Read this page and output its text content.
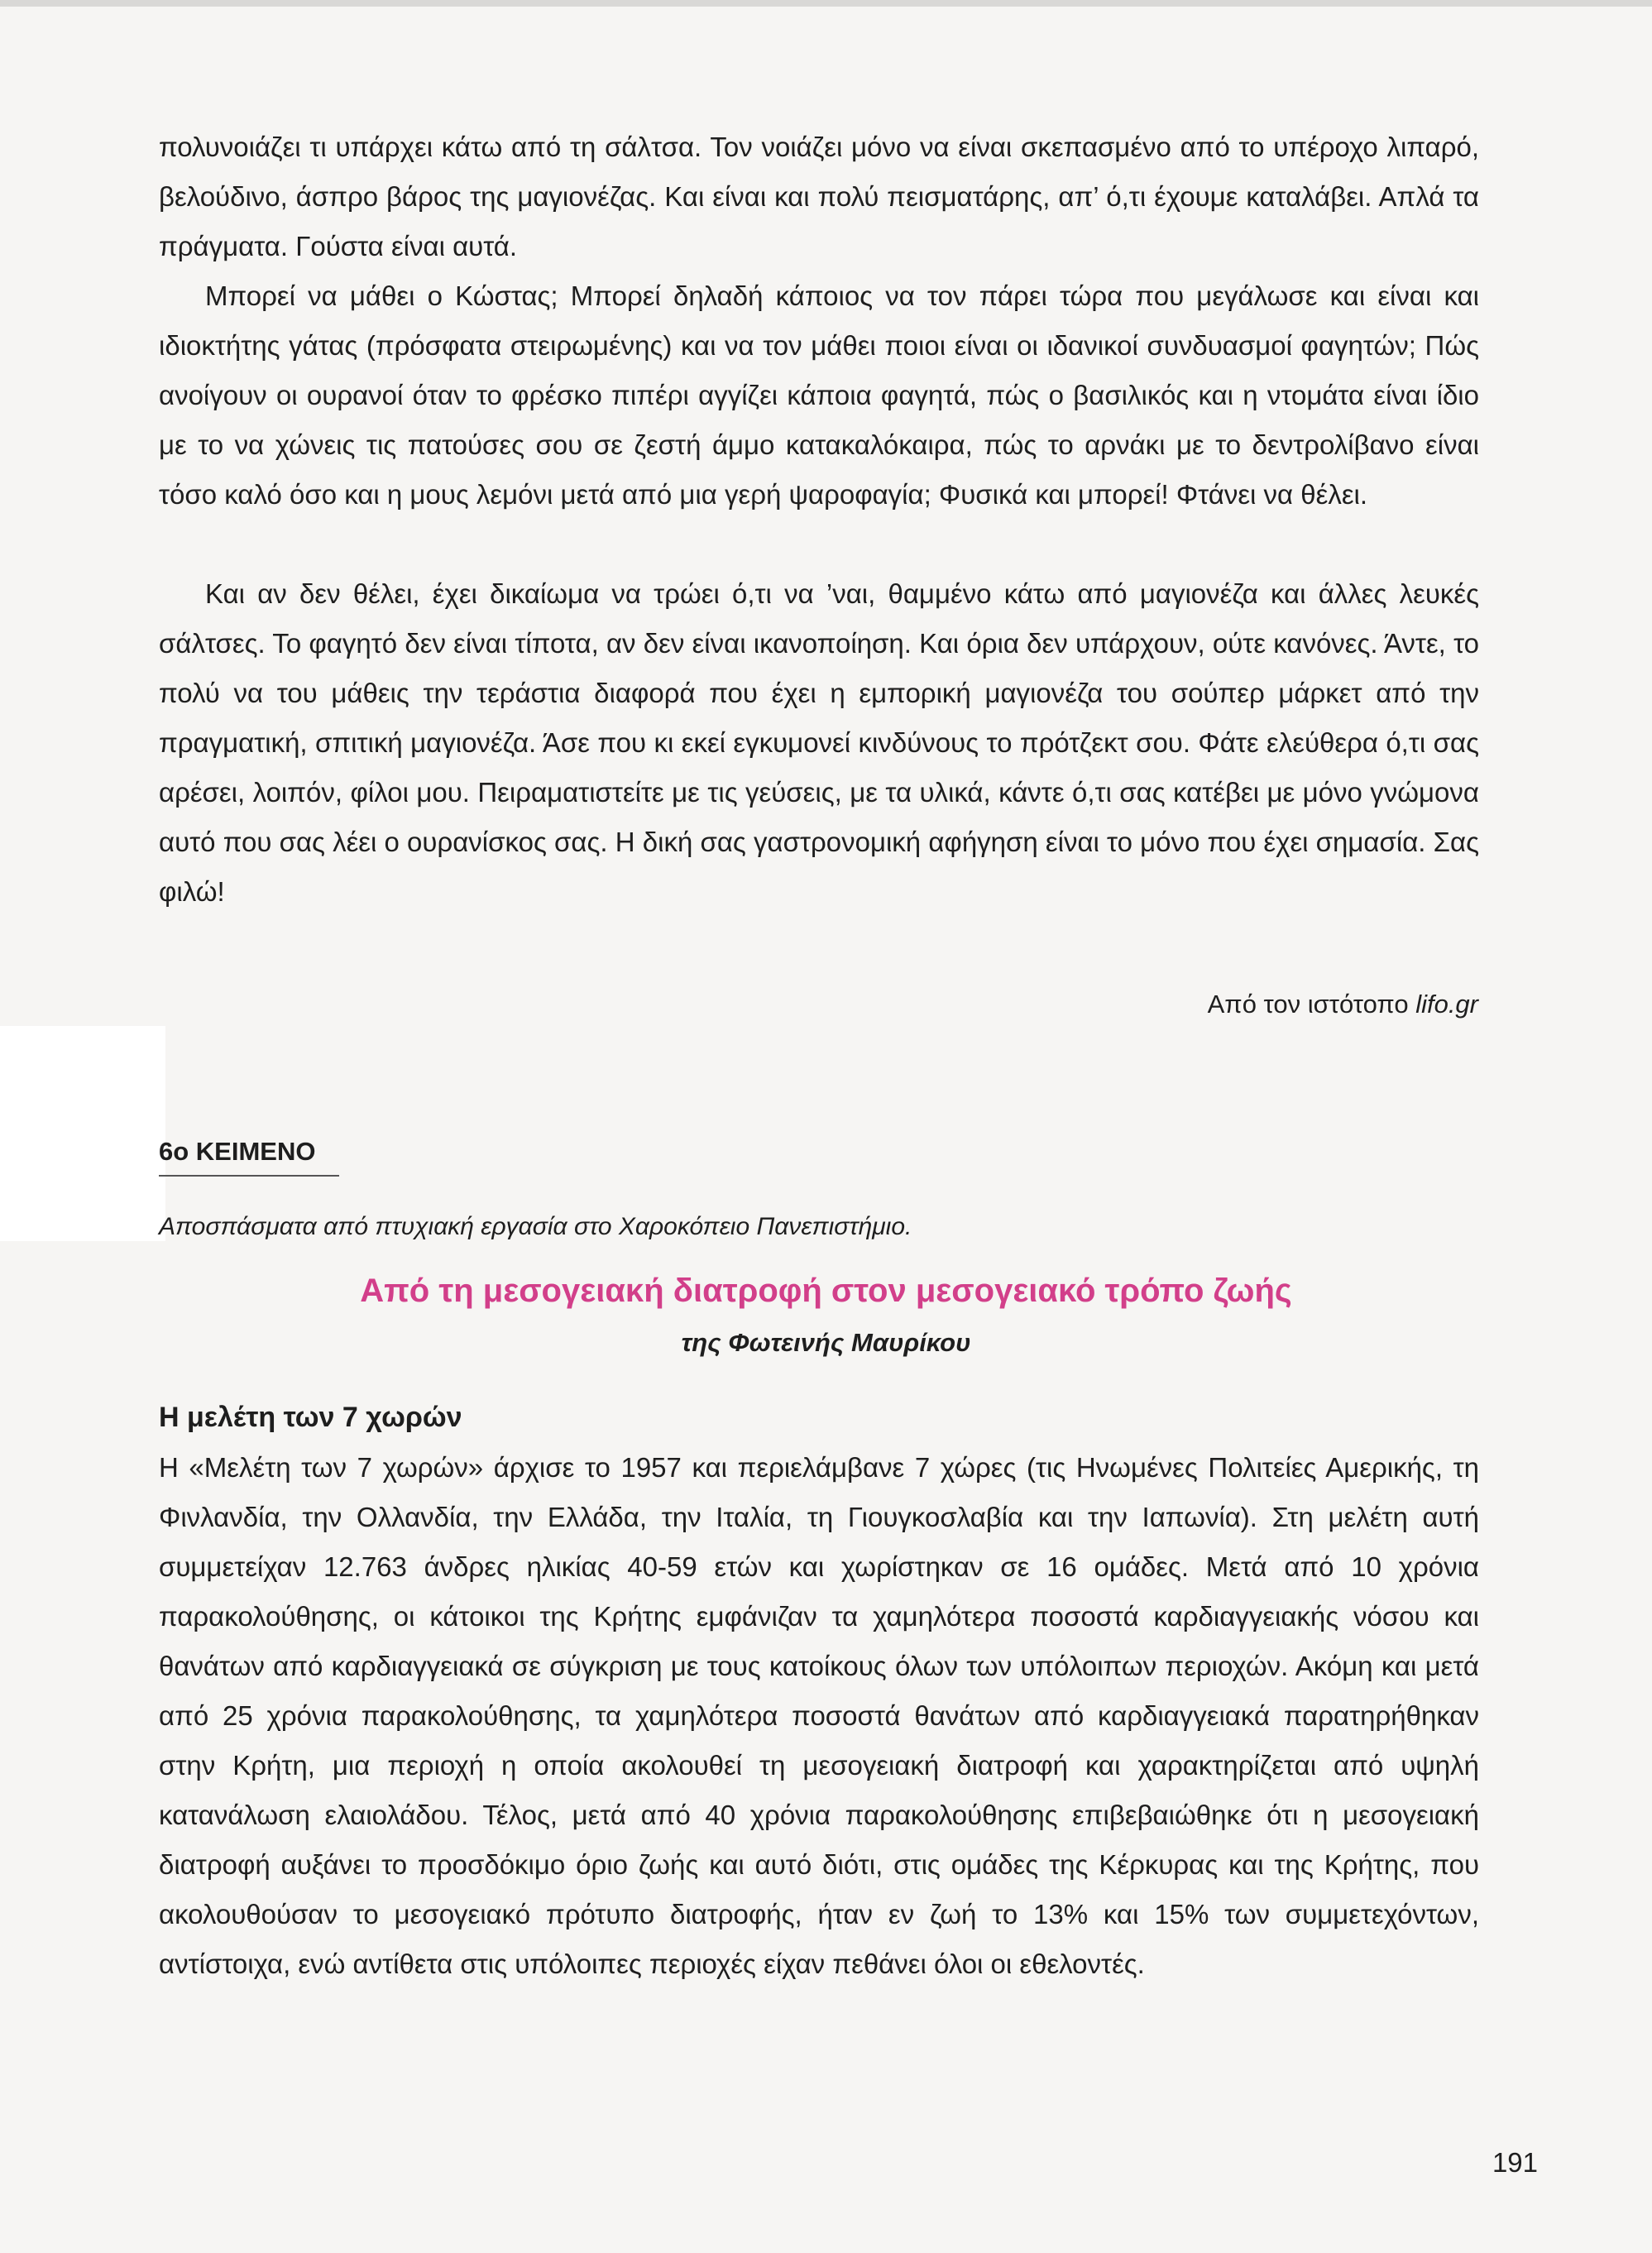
πολυνοιάζει τι υπάρχει κάτω από τη σάλτσα. Τον νοιάζει μόνο να είναι σκεπασμένο από το υπέροχο λιπαρό, βελούδινο, άσπρο βάρος της μαγιονέζας. Και είναι και πολύ πεισματάρης, απ’ ό,τι έχουμε καταλάβει. Απλά τα πράγματα. Γούστα είναι αυτά.

Μπορεί να μάθει ο Κώστας; Μπορεί δηλαδή κάποιος να τον πάρει τώρα που μεγάλωσε και είναι και ιδιοκτήτης γάτας (πρόσφατα στειρωμένης) και να τον μάθει ποιοι είναι οι ιδανικοί συνδυασμοί φαγητών; Πώς ανοίγουν οι ουρανοί όταν το φρέσκο πιπέρι αγγίζει κάποια φαγητά, πώς ο βασιλικός και η ντομάτα είναι ίδιο με το να χώνεις τις πατούσες σου σε ζεστή άμμο κατακαλόκαιρα, πώς το αρνάκι με το δεντρολίβανο είναι τόσο καλό όσο και η μους λεμόνι μετά από μια γερή ψαροφαγία; Φυσικά και μπορεί! Φτάνει να θέλει.

Και αν δεν θέλει, έχει δικαίωμα να τρώει ό,τι να ’ναι, θαμμένο κάτω από μαγιονέζα και άλλες λευκές σάλτσες. Το φαγητό δεν είναι τίποτα, αν δεν είναι ικανοποίηση. Και όρια δεν υπάρχουν, ούτε κανόνες. Άντε, το πολύ να του μάθεις την τεράστια διαφορά που έχει η εμπορική μαγιονέζα του σούπερ μάρκετ από την πραγματική, σπιτική μαγιονέζα. Άσε που κι εκεί εγκυμονεί κινδύνους το πρότζεκτ σου. Φάτε ελεύθερα ό,τι σας αρέσει, λοιπόν, φίλοι μου. Πειραματιστείτε με τις γεύσεις, με τα υλικά, κάντε ό,τι σας κατέβει με μόνο γνώμονα αυτό που σας λέει ο ουρανίσκος σας. Η δική σας γαστρονομική αφήγηση είναι το μόνο που έχει σημασία. Σας φιλώ!

Από τον ιστότοπο lifo.gr

6ο ΚΕΙΜΕΝΟ

Αποσπάσματα από πτυχιακή εργασία στο Χαροκόπειο Πανεπιστήμιο.

Από τη μεσογειακή διατροφή στον μεσογειακό τρόπο ζωής

της Φωτεινής Μαυρίκου

Η μελέτη των 7 χωρών

Η «Μελέτη των 7 χωρών» άρχισε το 1957 και περιελάμβανε 7 χώρες (τις Ηνωμένες Πολιτείες Αμερικής, τη Φινλανδία, την Ολλανδία, την Ελλάδα, την Ιταλία, τη Γιουγκοσλαβία και την Ιαπωνία). Στη μελέτη αυτή συμμετείχαν 12.763 άνδρες ηλικίας 40-59 ετών και χωρίστηκαν σε 16 ομάδες. Μετά από 10 χρόνια παρακολούθησης, οι κάτοικοι της Κρήτης εμφάνιζαν τα χαμηλότερα ποσοστά καρδιαγγειακής νόσου και θανάτων από καρδιαγγειακά σε σύγκριση με τους κατοίκους όλων των υπόλοιπων περιοχών. Ακόμη και μετά από 25 χρόνια παρακολούθησης, τα χαμηλότερα ποσοστά θανάτων από καρδιαγγειακά παρατηρήθηκαν στην Κρήτη, μια περιοχή η οποία ακολουθεί τη μεσογειακή διατροφή και χαρακτηρίζεται από υψηλή κατανάλωση ελαιολάδου. Τέλος, μετά από 40 χρόνια παρακολούθησης επιβεβαιώθηκε ότι η μεσογειακή διατροφή αυξάνει το προσδόκιμο όριο ζωής και αυτό διότι, στις ομάδες της Κέρκυρας και της Κρήτης, που ακολουθούσαν το μεσογειακό πρότυπο διατροφής, ήταν εν ζωή το 13% και 15% των συμμετεχόντων, αντίστοιχα, ενώ αντίθετα στις υπόλοιπες περιοχές είχαν πεθάνει όλοι οι εθελοντές.

191
